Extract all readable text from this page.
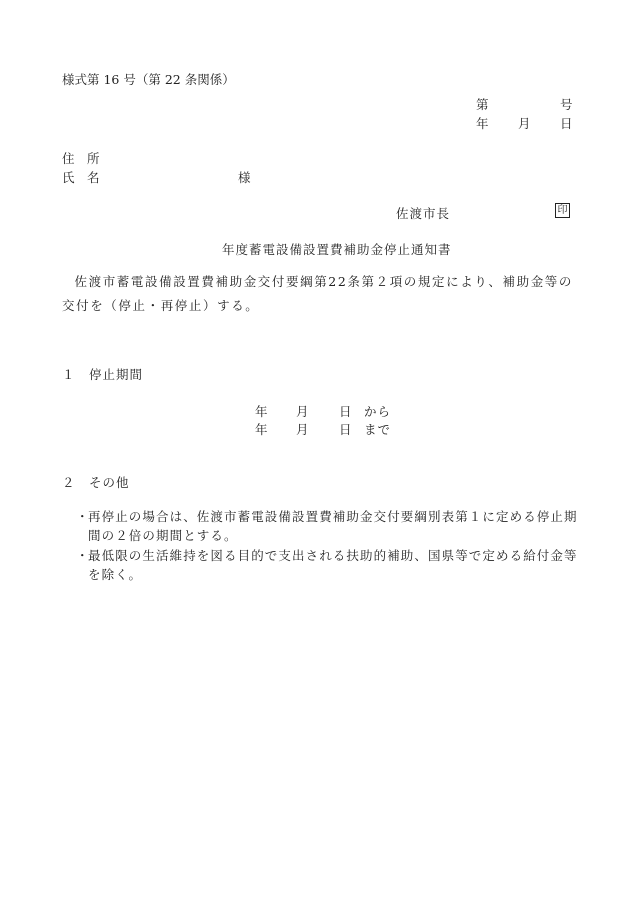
様式第 16 号（第 22 条関係）
第	号
年 月 日
住　所
氏　名	様
佐渡市長	印
年度蓄電設備設置費補助金停止通知書
佐渡市蓄電設備設置費補助金交付要綱第22条第２項の規定により、補助金等の交付を（停止・再停止）する。
１ 停止期間
年 月 日 から
年 月 日 まで
２ その他
・
再停止の場合は、佐渡市蓄電設備設置費補助金交付要綱別表第１に定める停止期間の２倍の期間とする。
・
最低限の生活維持を図る目的で支出される扶助的補助、国県等で定める給付金等を除く。
